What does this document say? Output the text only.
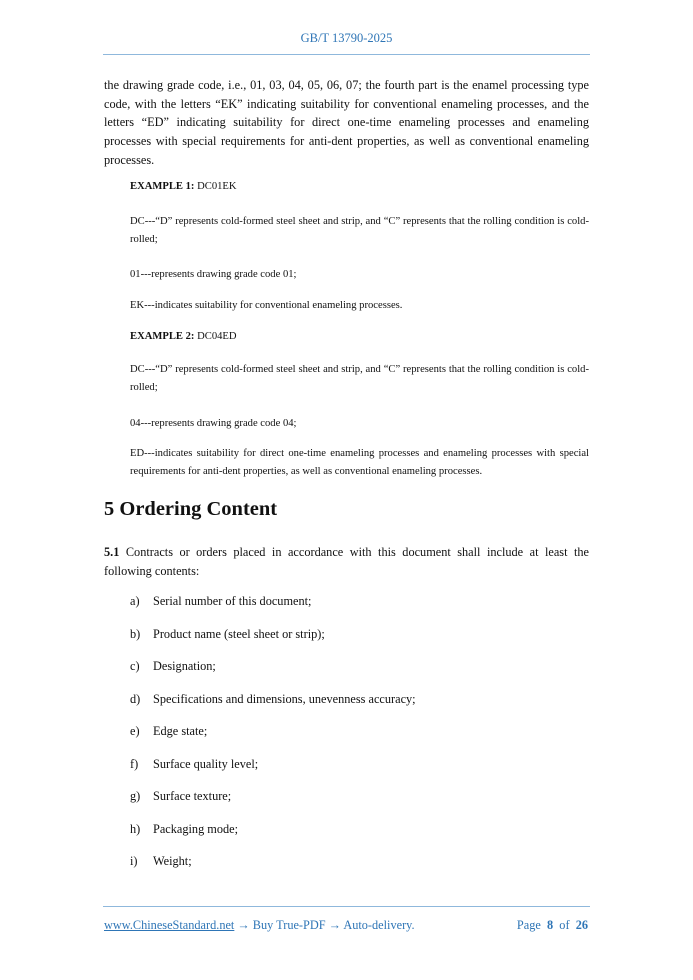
GB/T 13790-2025
the drawing grade code, i.e., 01, 03, 04, 05, 06, 07; the fourth part is the enamel processing type code, with the letters “EK” indicating suitability for conventional enameling processes, and the letters “ED” indicating suitability for direct one-time enameling processes and enameling processes with special requirements for anti-dent properties, as well as conventional enameling processes.
EXAMPLE 1: DC01EK
DC---“D” represents cold-formed steel sheet and strip, and “C” represents that the rolling condition is cold-rolled;
01---represents drawing grade code 01;
EK---indicates suitability for conventional enameling processes.
EXAMPLE 2: DC04ED
DC---“D” represents cold-formed steel sheet and strip, and “C” represents that the rolling condition is cold-rolled;
04---represents drawing grade code 04;
ED---indicates suitability for direct one-time enameling processes and enameling processes with special requirements for anti-dent properties, as well as conventional enameling processes.
5 Ordering Content
5.1 Contracts or orders placed in accordance with this document shall include at least the following contents:
a) Serial number of this document;
b) Product name (steel sheet or strip);
c) Designation;
d) Specifications and dimensions, unevenness accuracy;
e) Edge state;
f) Surface quality level;
g) Surface texture;
h) Packaging mode;
i) Weight;
www.ChineseStandard.net → Buy True-PDF → Auto-delivery.	Page 8 of 26
